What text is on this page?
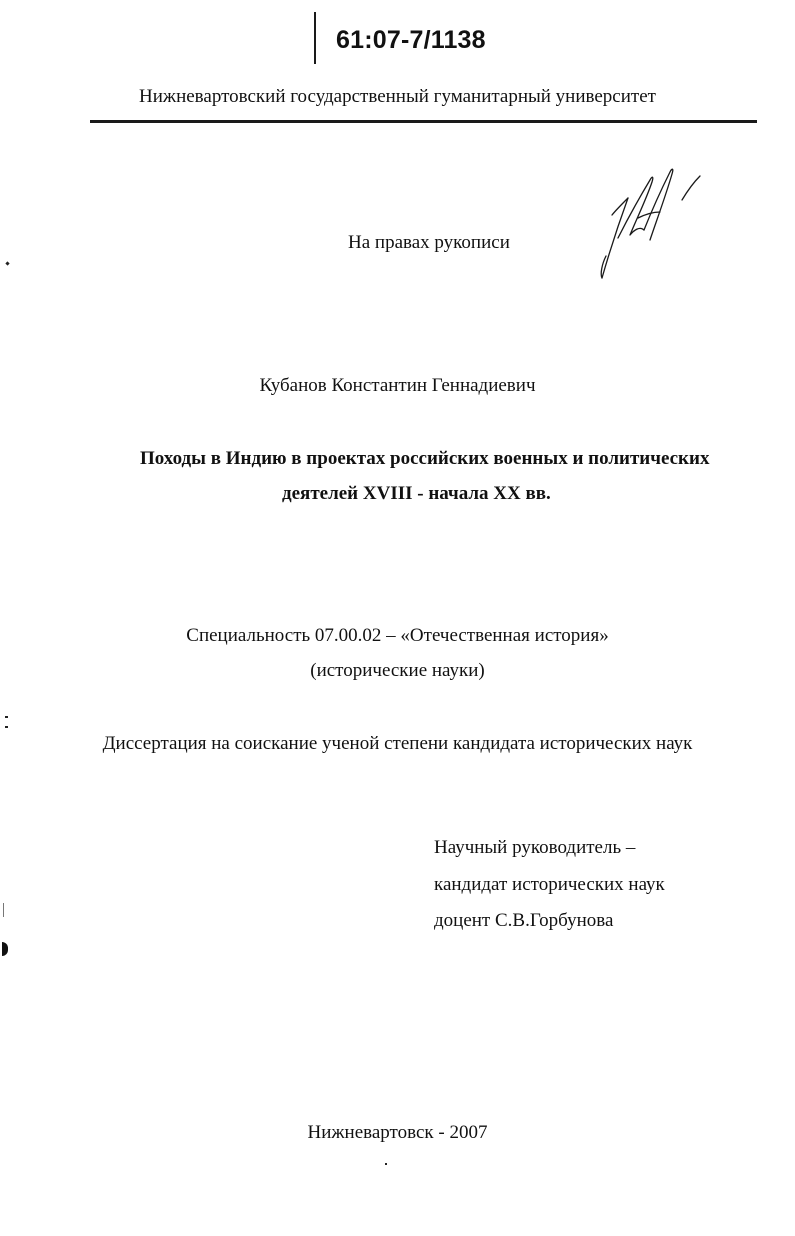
61:07-7/1138
Нижневартовский государственный гуманитарный университет
На правах рукописи
Кубанов Константин Геннадиевич
Походы в Индию в проектах российских военных и политических
деятелей XVIII - начала XX вв.
Специальность 07.00.02 – «Отечественная история»
(исторические науки)
Диссертация на соискание ученой степени кандидата исторических наук
Научный руководитель –
кандидат исторических наук
доцент С.В.Горбунова
Нижневартовск - 2007
